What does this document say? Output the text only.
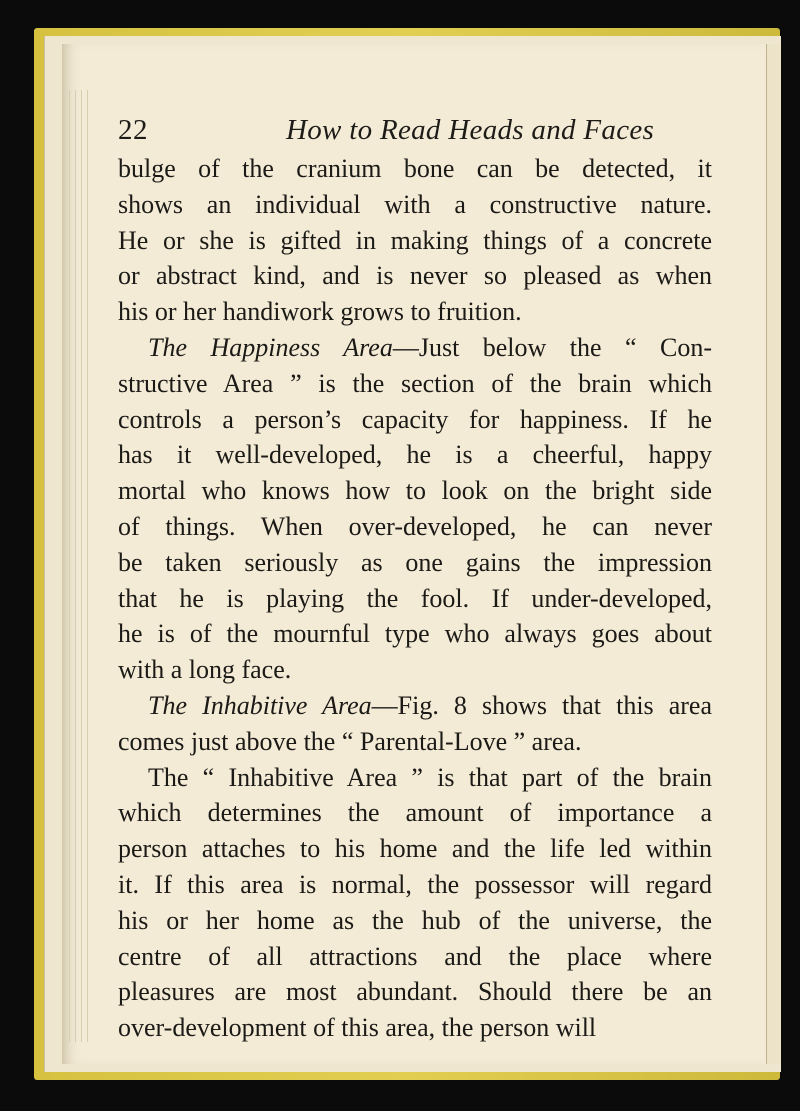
22	How to Read Heads and Faces
bulge of the cranium bone can be detected, it
shows an individual with a constructive nature.
He or she is gifted in making things of a concrete
or abstract kind, and is never so pleased as when
his or her handiwork grows to fruition.
The Happiness Area—Just below the “ Con-
structive Area ” is the section of the brain which
controls a person’s capacity for happiness. If he
has it well-developed, he is a cheerful, happy
mortal who knows how to look on the bright side
of things. When over-developed, he can never
be taken seriously as one gains the impression
that he is playing the fool. If under-developed,
he is of the mournful type who always goes about
with a long face.
The Inhabitive Area—Fig. 8 shows that this area
comes just above the “ Parental-Love ” area.
The “ Inhabitive Area ” is that part of the brain
which determines the amount of importance a
person attaches to his home and the life led within
it. If this area is normal, the possessor will regard
his or her home as the hub of the universe, the
centre of all attractions and the place where
pleasures are most abundant. Should there be an
over-development of this area, the person will
